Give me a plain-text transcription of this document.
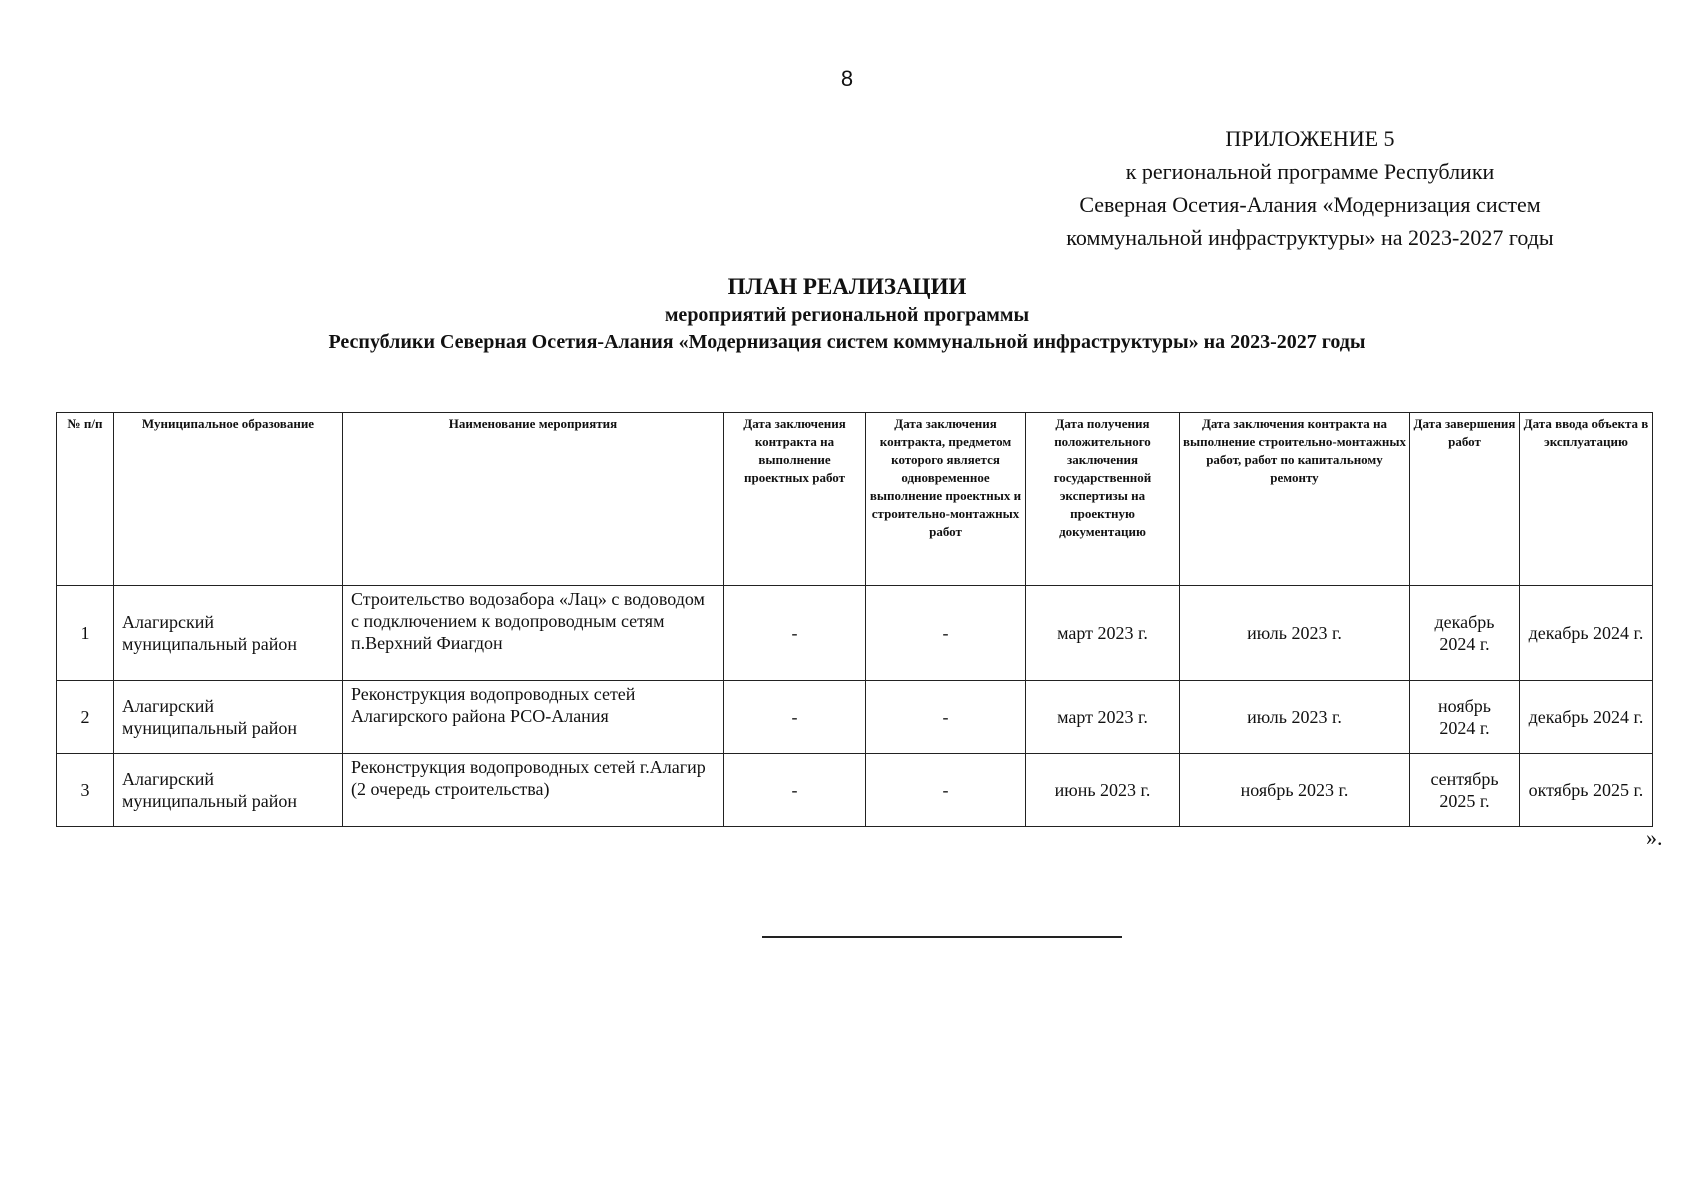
8
ПРИЛОЖЕНИЕ 5
к региональной программе Республики
Северная Осетия-Алания «Модернизация систем
коммунальной инфраструктуры» на 2023-2027 годы
ПЛАН РЕАЛИЗАЦИИ
мероприятий региональной программы
Республики Северная Осетия-Алания «Модернизация систем коммунальной инфраструктуры» на 2023-2027 годы
№ п/п	Муниципальное образование	Наименование мероприятия	Дата заключения контракта на выполнение проектных работ	Дата заключения контракта, предметом которого является одновременное выполнение проектных и строительно-монтажных работ	Дата получения положительного заключения государственной экспертизы на проектную документацию	Дата заключения контракта на выполнение строительно-монтажных работ, работ по капитальному ремонту	Дата завершения работ	Дата ввода объекта в эксплуатацию
1	Алагирский муниципальный район	Строительство водозабора «Лац» с водоводом с подключением к водопроводным сетям п.Верхний Фиагдон	-	-	март 2023 г.	июль 2023 г.	декабрь 2024 г.	декабрь 2024 г.
2	Алагирский муниципальный район	Реконструкция водопроводных сетей Алагирского района РСО-Алания	-	-	март 2023 г.	июль 2023 г.	ноябрь 2024 г.	декабрь 2024 г.
3	Алагирский муниципальный район	Реконструкция водопроводных сетей г.Алагир (2 очередь строительства)	-	-	июнь 2023 г.	ноябрь 2023 г.	сентябрь 2025 г.	октябрь 2025 г.
».
